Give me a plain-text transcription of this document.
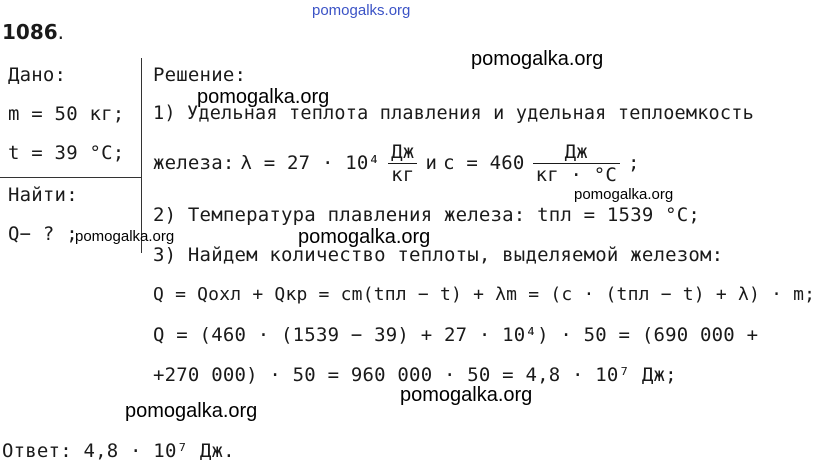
pomogalks.org
1086.
Дано:
m = 50 кг;
t = 39 °C;
Найти:
Q− ? ;
Решение:
1) Удельная теплота плавления и удельная теплоемкость
железа: $\lambda = 27 \cdot 10^4 \frac{Дж}{кг}$ и $c = 460 \frac{Дж}{кг \cdot ^\circ C}$ ;
2) Температура плавления железа: tпл = 1539 °C;
3) Найдем количество теплоты, выделяемой железом:
Q = Qохл + Qкр = cm(tпл − t) + λm = (c · (tпл − t) + λ) · m;
Q = (460 · (1539 − 39) + 27 · 10⁴) · 50 = (690 000 +
+270 000) · 50 = 960 000 · 50 = 4,8 · 10⁷ Дж;
Ответ: 4,8 · 10⁷ Дж.
pomogalka.org
pomogalka.org
pomogalka.org
pomogalka.org	pomogalka.org
pomogalka.org
pomogalka.org
